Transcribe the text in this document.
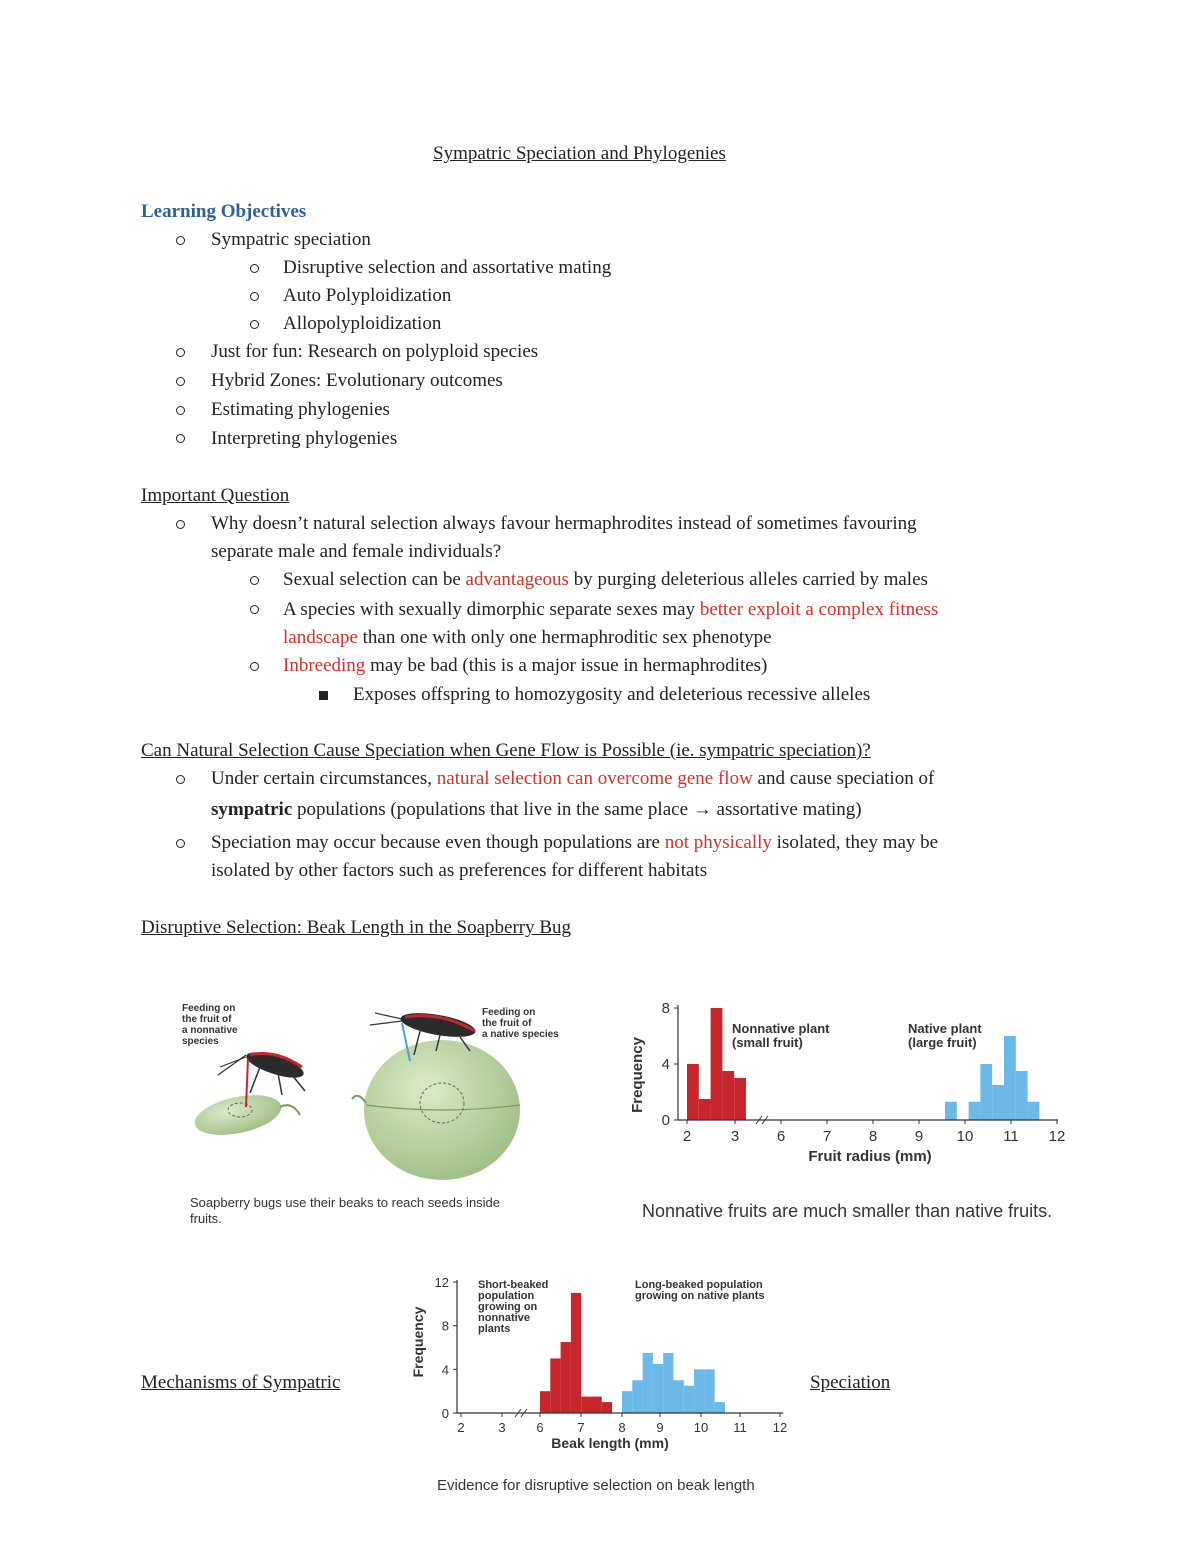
Sympatric Speciation and Phylogenies
Learning Objectives
Sympatric speciation
Disruptive selection and assortative mating
Auto Polyploidization
Allopolyploidization
Just for fun: Research on polyploid species
Hybrid Zones: Evolutionary outcomes
Estimating phylogenies
Interpreting phylogenies
Important Question
Why doesn’t natural selection always favour hermaphrodites instead of sometimes favouring
separate male and female individuals?
Sexual selection can be advantageous by purging deleterious alleles carried by males
A species with sexually dimorphic separate sexes may better exploit a complex fitness
landscape than one with only one hermaphroditic sex phenotype
Inbreeding may be bad (this is a major issue in hermaphrodites)
Exposes offspring to homozygosity and deleterious recessive alleles
Can Natural Selection Cause Speciation when Gene Flow is Possible (ie. sympatric speciation)?
Under certain circumstances, natural selection can overcome gene flow and cause speciation of
sympatric populations (populations that live in the same place → assortative mating)
Speciation may occur because even though populations are not physically isolated, they may be
isolated by other factors such as preferences for different habitats
Disruptive Selection: Beak Length in the Soapberry Bug
Feeding on
the fruit of
a nonnative
species
Feeding on
the fruit of
a native species
Soapberry bugs use their beaks to reach seeds inside
fruits.
Frequency
0
4
8
2	3	6	7	8	9 10 11 12
Fruit radius (mm)
Nonnative plant
(small fruit)
Native plant
(large fruit)
Nonnative fruits are much smaller than native fruits.
Mechanisms of Sympatric	Speciation
Frequency
0
4
8
12
2	3 6	7	8 9 10 11 12
Beak length (mm)
Short-beaked
population
growing on
nonnative
plants
Long-beaked population
growing on native plants
Evidence for disruptive selection on beak length
